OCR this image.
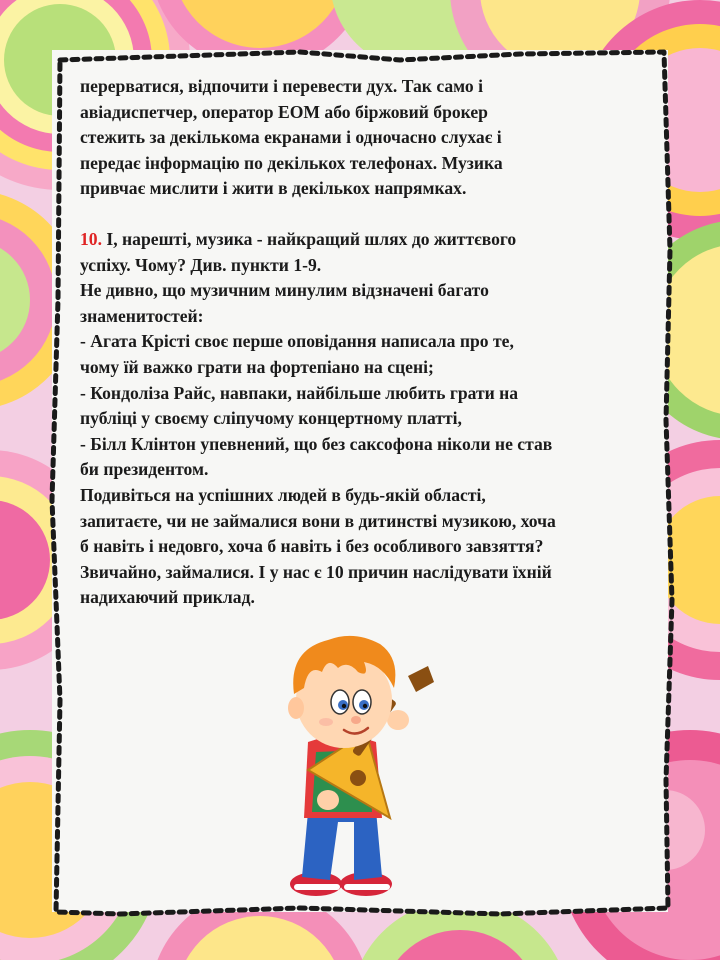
перерватися, відпочити і перевести дух. Так само і

авіадиспетчер, оператор ЕОМ або біржовий брокер

стежить за декількома екранами і одночасно слухає і

передає інформацію по декількох телефонах. Музика

привчає мислити і жити в декількох напрямках.

10. І, нарешті, музика - найкращий шлях до життєвого

успіху. Чому? Див. пункти 1-9.

Не дивно, що музичним минулим відзначені багато

знаменитостей:

- Агата Крісті своє перше оповідання написала про те,

чому їй важко грати на фортепіано на сцені;

- Кондоліза Райс, навпаки, найбільше любить грати на

публіці у своєму сліпучому концертному платті,

- Білл Клінтон упевнений, що без саксофона ніколи не став

би президентом.

Подивіться на успішних людей в будь-якій області,

запитаєте, чи не займалися вони в дитинстві музикою, хоча

б навіть і недовго, хоча б навіть і без особливого завзяття?

Звичайно, займалися. І у нас є 10 причин наслідувати їхній

надихаючий приклад.
